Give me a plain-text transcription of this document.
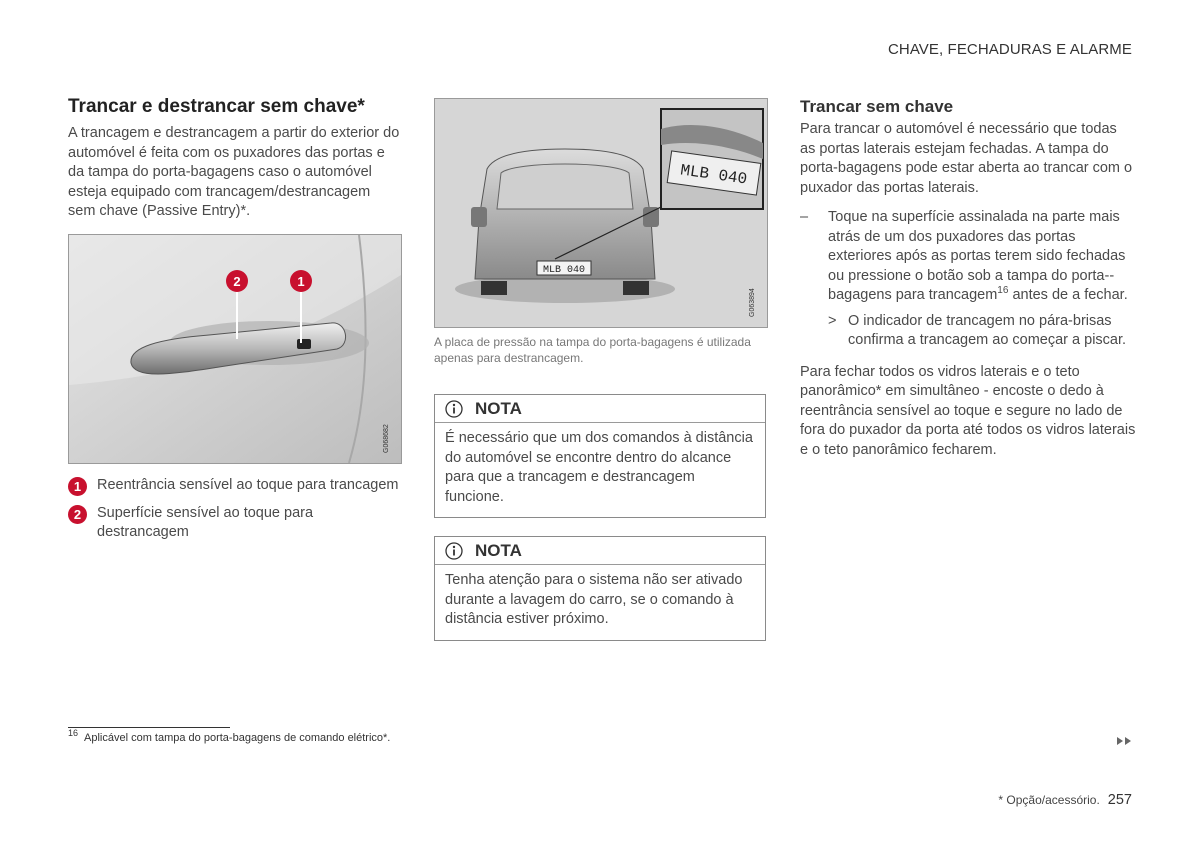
CHAVE, FECHADURAS E ALARME
Trancar e destrancar sem chave*

A trancagem e destrancagem a partir do exterior do automóvel é feita com os puxadores das portas e da tampa do porta-bagagens caso o automóvel esteja equipado com trancagem/destrancagem sem chave (Passive Entry)*.

2	1
G068682
1	Reentrância sensível ao toque para trancagem
2	Superfície sensível ao toque para destrancagem
MLB 040
MLB 040
G063894
A placa de pressão na tampa do porta-bagagens é utilizada apenas para destrancagem.
NOTA
É necessário que um dos comandos à distância do automóvel se encontre dentro do alcance para que a trancagem e destrancagem funcione.
NOTA
Tenha atenção para o sistema não ser ativado durante a lavagem do carro, se o comando à distância estiver próximo.
Trancar sem chave

Para trancar o automóvel é necessário que todas as portas laterais estejam fechadas. A tampa do porta-bagagens pode estar aberta ao trancar com o puxador das portas laterais.

–	Toque na superfície assinalada na parte mais atrás de um dos puxadores das portas exteriores após as portas terem sido fechadas ou pressione o botão sob a tampa do porta--bagagens para trancagem$^{16}$ antes de a fechar.
> O indicador de trancagem no pára-brisas confirma a trancagem ao começar a piscar.

Para fechar todos os vidros laterais e o teto panorâmico* em simultâneo - encoste o dedo à reentrância sensível ao toque e segure no lado de fora do puxador da porta até todos os vidros laterais e o teto panorâmico fecharem.

$^{16}$ Aplicável com tampa do porta-bagagens de comando elétrico*.
* Opção/acessório. 257
